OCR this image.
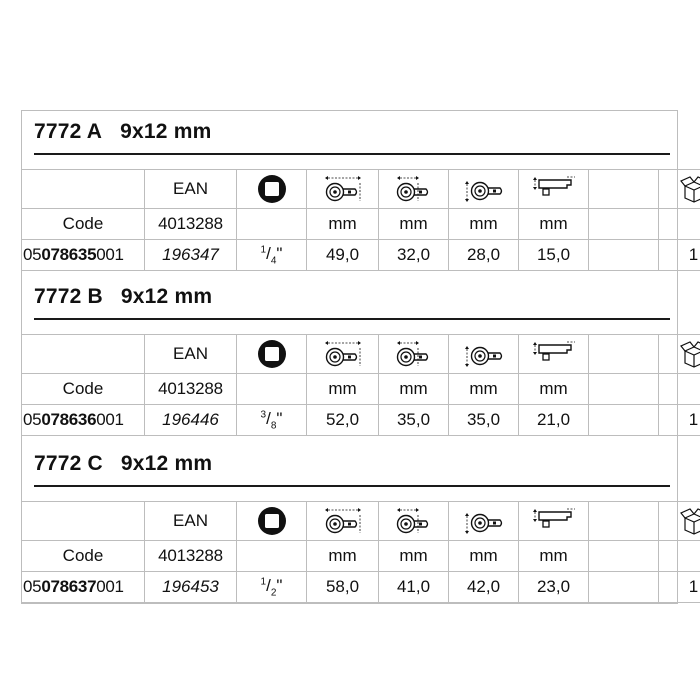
7772 A 9x12 mm
	EAN							
Code	4013288		mm	mm	mm	mm		
05078635001	196347	$^1/_4$"	49,0	32,0	28,0	15,0		1
7772 B 9x12 mm
	EAN							
Code	4013288		mm	mm	mm	mm		
05078636001	196446	$^3/_8$"	52,0	35,0	35,0	21,0		1
7772 C 9x12 mm
	EAN							
Code	4013288		mm	mm	mm	mm		
05078637001	196453	$^1/_2$"	58,0	41,0	42,0	23,0		1
